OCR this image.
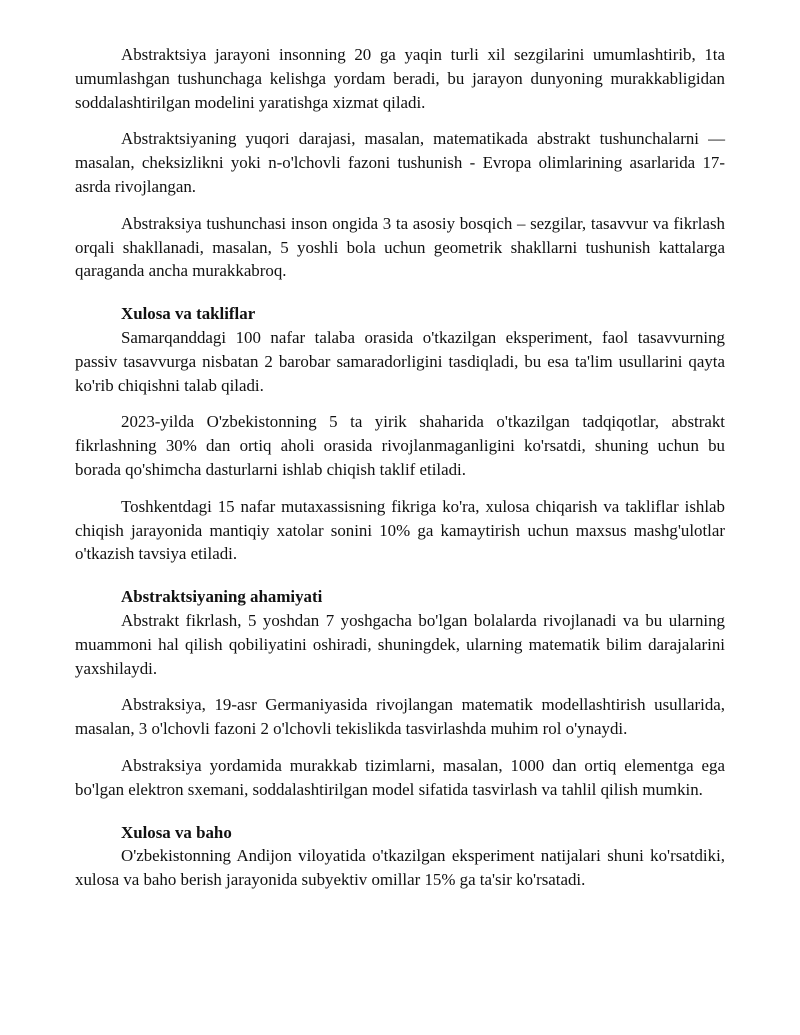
Abstraktsiya jarayoni insonning 20 ga yaqin turli xil sezgilarini umumlashtirib, 1ta umumlashgan tushunchaga kelishga yordam beradi, bu jarayon dunyoning murakkabligidan soddalashtirilgan modelini yaratishga xizmat qiladi.

Abstraktsiyaning yuqori darajasi, masalan, matematikada abstrakt tushunchalarni — masalan, cheksizlikni yoki n-o'lchovli fazoni tushunish - Evropa olimlarining asarlarida 17-asrda rivojlangan.

Abstraksiya tushunchasi inson ongida 3 ta asosiy bosqich – sezgilar, tasavvur va fikrlash orqali shakllanadi, masalan, 5 yoshli bola uchun geometrik shakllarni tushunish kattalarga qaraganda ancha murakkabroq.

Xulosa va takliflar

Samarqanddagi 100 nafar talaba orasida o'tkazilgan eksperiment, faol tasavvurning passiv tasavvurga nisbatan 2 barobar samaradorligini tasdiqladi, bu esa ta'lim usullarini qayta ko'rib chiqishni talab qiladi.

2023-yilda O'zbekistonning 5 ta yirik shaharida o'tkazilgan tadqiqotlar, abstrakt fikrlashning 30% dan ortiq aholi orasida rivojlanmaganligini ko'rsatdi, shuning uchun bu borada qo'shimcha dasturlarni ishlab chiqish taklif etiladi.

Toshkentdagi 15 nafar mutaxassisning fikriga ko'ra, xulosa chiqarish va takliflar ishlab chiqish jarayonida mantiqiy xatolar sonini 10% ga kamaytirish uchun maxsus mashg'ulotlar o'tkazish tavsiya etiladi.

Abstraktsiyaning ahamiyati

Abstrakt fikrlash, 5 yoshdan 7 yoshgacha bo'lgan bolalarda rivojlanadi va bu ularning muammoni hal qilish qobiliyatini oshiradi, shuningdek, ularning matematik bilim darajalarini yaxshilaydi.

Abstraksiya, 19-asr Germaniyasida rivojlangan matematik modellashtirish usullarida, masalan, 3 o'lchovli fazoni 2 o'lchovli tekislikda tasvirlashda muhim rol o'ynaydi.

Abstraksiya yordamida murakkab tizimlarni, masalan, 1000 dan ortiq elementga ega bo'lgan elektron sxemani, soddalashtirilgan model sifatida tasvirlash va tahlil qilish mumkin.

Xulosa va baho

O'zbekistonning Andijon viloyatida o'tkazilgan eksperiment natijalari shuni ko'rsatdiki, xulosa va baho berish jarayonida subyektiv omillar 15% ga ta'sir ko'rsatadi.
